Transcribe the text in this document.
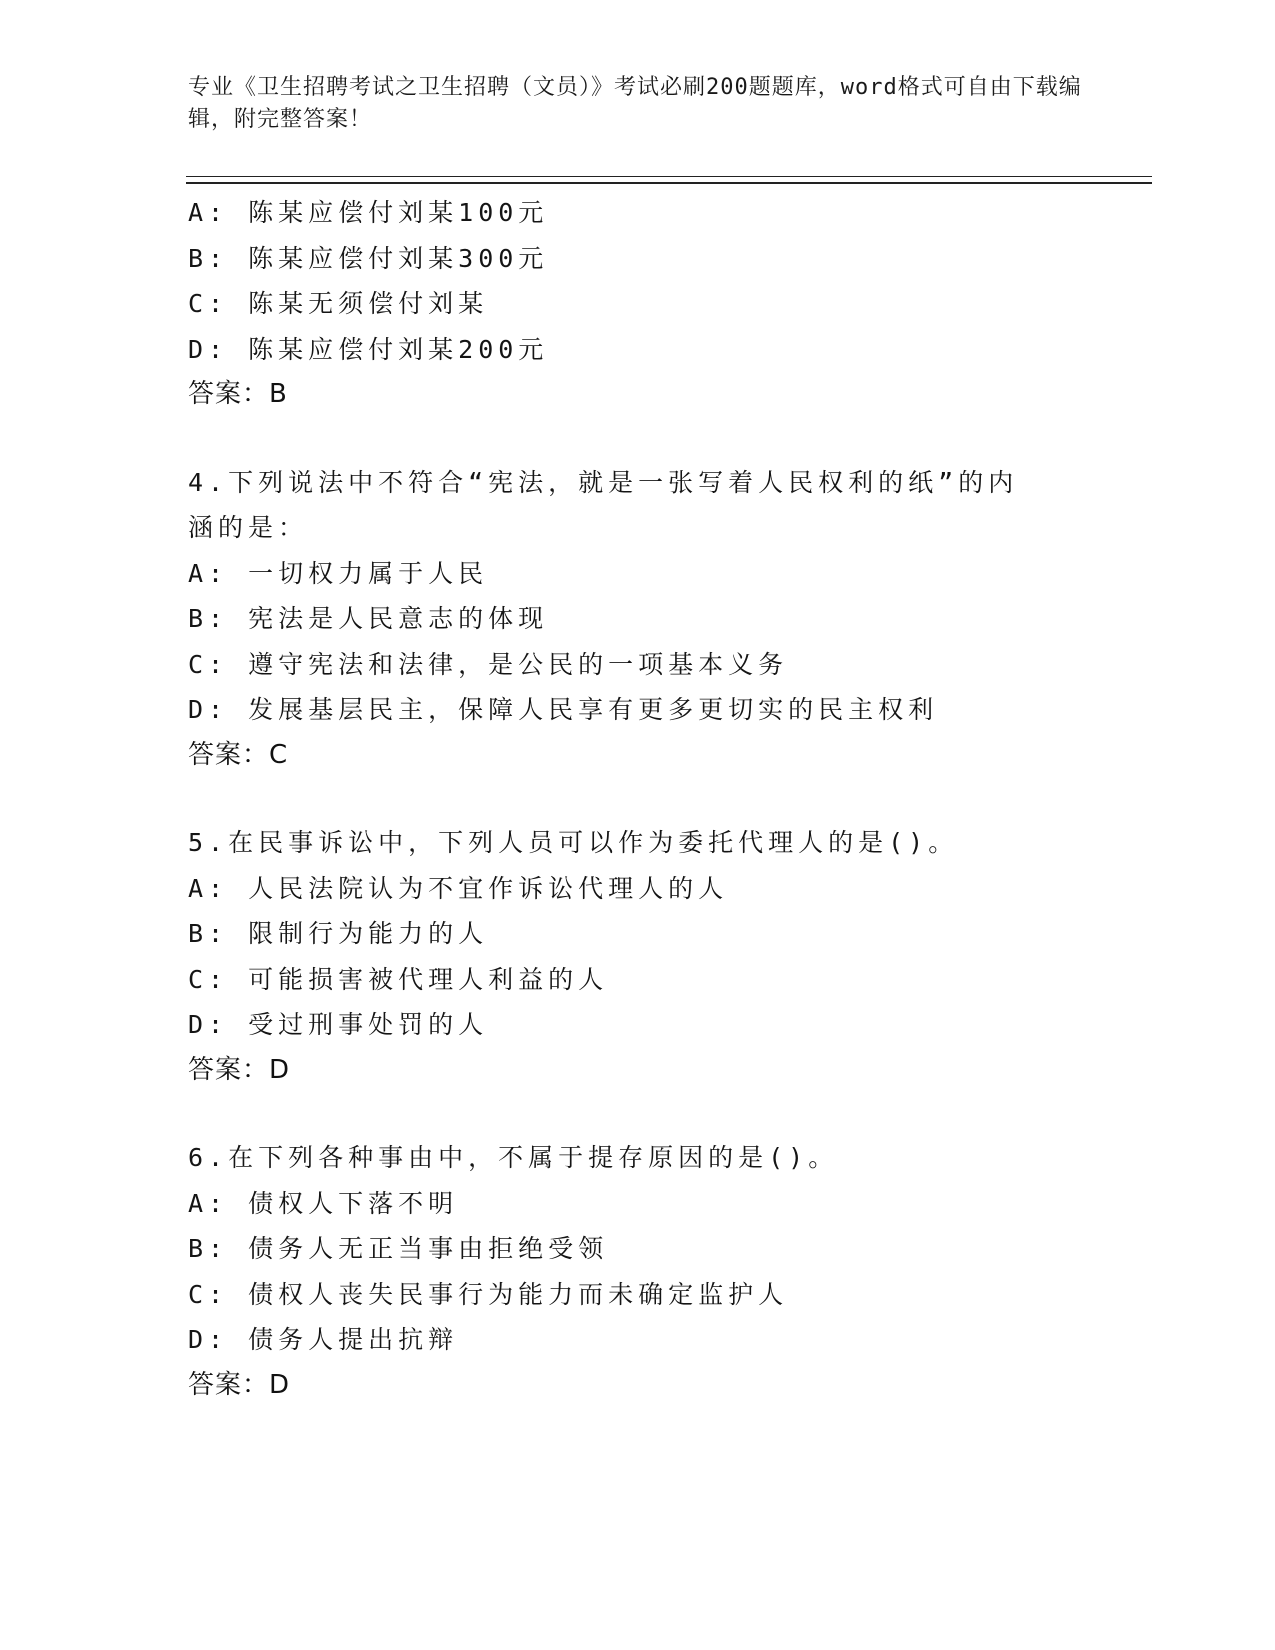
专业《卫生招聘考试之卫生招聘（文员）》考试必刷200题题库，word格式可自由下载编辑，附完整答案！
A: 陈某应偿付刘某100元
B: 陈某应偿付刘某300元
C: 陈某无须偿付刘某
D: 陈某应偿付刘某200元
答案：B
4.下列说法中不符合“宪法，就是一张写着人民权利的纸”的内涵的是：
A: 一切权力属于人民
B: 宪法是人民意志的体现
C: 遵守宪法和法律，是公民的一项基本义务
D: 发展基层民主，保障人民享有更多更切实的民主权利
答案：C
5.在民事诉讼中，下列人员可以作为委托代理人的是()。
A: 人民法院认为不宜作诉讼代理人的人
B: 限制行为能力的人
C: 可能损害被代理人利益的人
D: 受过刑事处罚的人
答案：D
6.在下列各种事由中，不属于提存原因的是()。
A: 债权人下落不明
B: 债务人无正当事由拒绝受领
C: 债权人丧失民事行为能力而未确定监护人
D: 债务人提出抗辩
答案：D
